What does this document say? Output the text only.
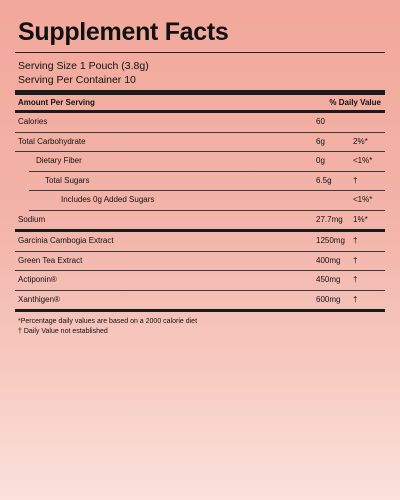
Supplement Facts
Serving Size 1 Pouch (3.8g)
Serving Per Container 10
Amount Per Serving	% Daily Value
Calories	60
Total Carbohydrate	6g	2%*
Dietary Fiber	0g	<1%*
Total Sugars	6.5g	†
Includes 0g Added Sugars	<1%*
Sodium	27.7mg 1%*
Garcinia Cambogia Extract	1250mg †
Green Tea Extract	400mg †
Actiponin®	450mg †
Xanthigen®	600mg †
*Percentage daily values are based on a 2000 calorie diet
† Daily Value not established
